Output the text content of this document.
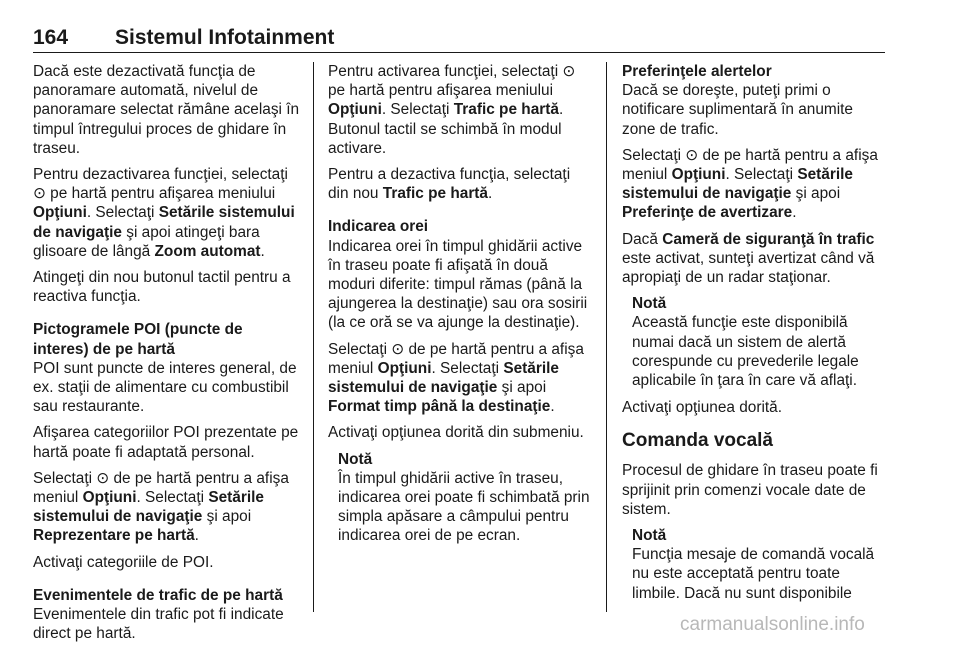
164 Sistemul Infotainment

Dacă este dezactivată funcţia de panoramare automată, nivelul de panoramare selectat rămâne acelaşi în timpul întregului proces de ghidare în traseu.

Pentru dezactivarea funcţiei, selectaţi ⊙ pe hartă pentru afişarea meniului Opţiuni. Selectaţi Setările sistemului de navigaţie şi apoi atingeţi bara glisoare de lângă Zoom automat.

Atingeţi din nou butonul tactil pentru a reactiva funcţia.

Pictogramele POI (puncte de interes) de pe hartă

POI sunt puncte de interes general, de ex. staţii de alimentare cu combustibil sau restaurante.

Afişarea categoriilor POI prezentate pe hartă poate fi adaptată personal.

Selectaţi ⊙ de pe hartă pentru a afişa meniul Opţiuni. Selectaţi Setările sistemului de navigaţie şi apoi Reprezentare pe hartă.

Activaţi categoriile de POI.

Evenimentele de trafic de pe hartă

Evenimentele din trafic pot fi indicate direct pe hartă.

Pentru activarea funcţiei, selectaţi ⊙ pe hartă pentru afişarea meniului Opţiuni. Selectaţi Trafic pe hartă. Butonul tactil se schimbă în modul activare.

Pentru a dezactiva funcţia, selectaţi din nou Trafic pe hartă.

Indicarea orei

Indicarea orei în timpul ghidării active în traseu poate fi afişată în două moduri diferite: timpul rămas (până la ajungerea la destinaţie) sau ora sosirii (la ce oră se va ajunge la destinaţie).

Selectaţi ⊙ de pe hartă pentru a afişa meniul Opţiuni. Selectaţi Setările sistemului de navigaţie şi apoi Format timp până la destinaţie.

Activaţi opţiunea dorită din submeniu.

Notă
În timpul ghidării active în traseu, indicarea orei poate fi schimbată prin simpla apăsare a câmpului pentru indicarea orei de pe ecran.
Preferinţele alertelor

Dacă se doreşte, puteţi primi o notificare suplimentară în anumite zone de trafic.

Selectaţi ⊙ de pe hartă pentru a afişa meniul Opţiuni. Selectaţi Setările sistemului de navigaţie şi apoi Preferinţe de avertizare.

Dacă Cameră de siguranţă în trafic este activat, sunteţi avertizat când vă apropiaţi de un radar staţionar.

Notă
Această funcţie este disponibilă numai dacă un sistem de alertă corespunde cu prevederile legale aplicabile în ţara în care vă aflaţi.

Activaţi opţiunea dorită.

Comanda vocală

Procesul de ghidare în traseu poate fi sprijinit prin comenzi vocale date de sistem.

Notă
Funcţia mesaje de comandă vocală nu este acceptată pentru toate limbile. Dacă nu sunt disponibile
carmanualsonline.info
